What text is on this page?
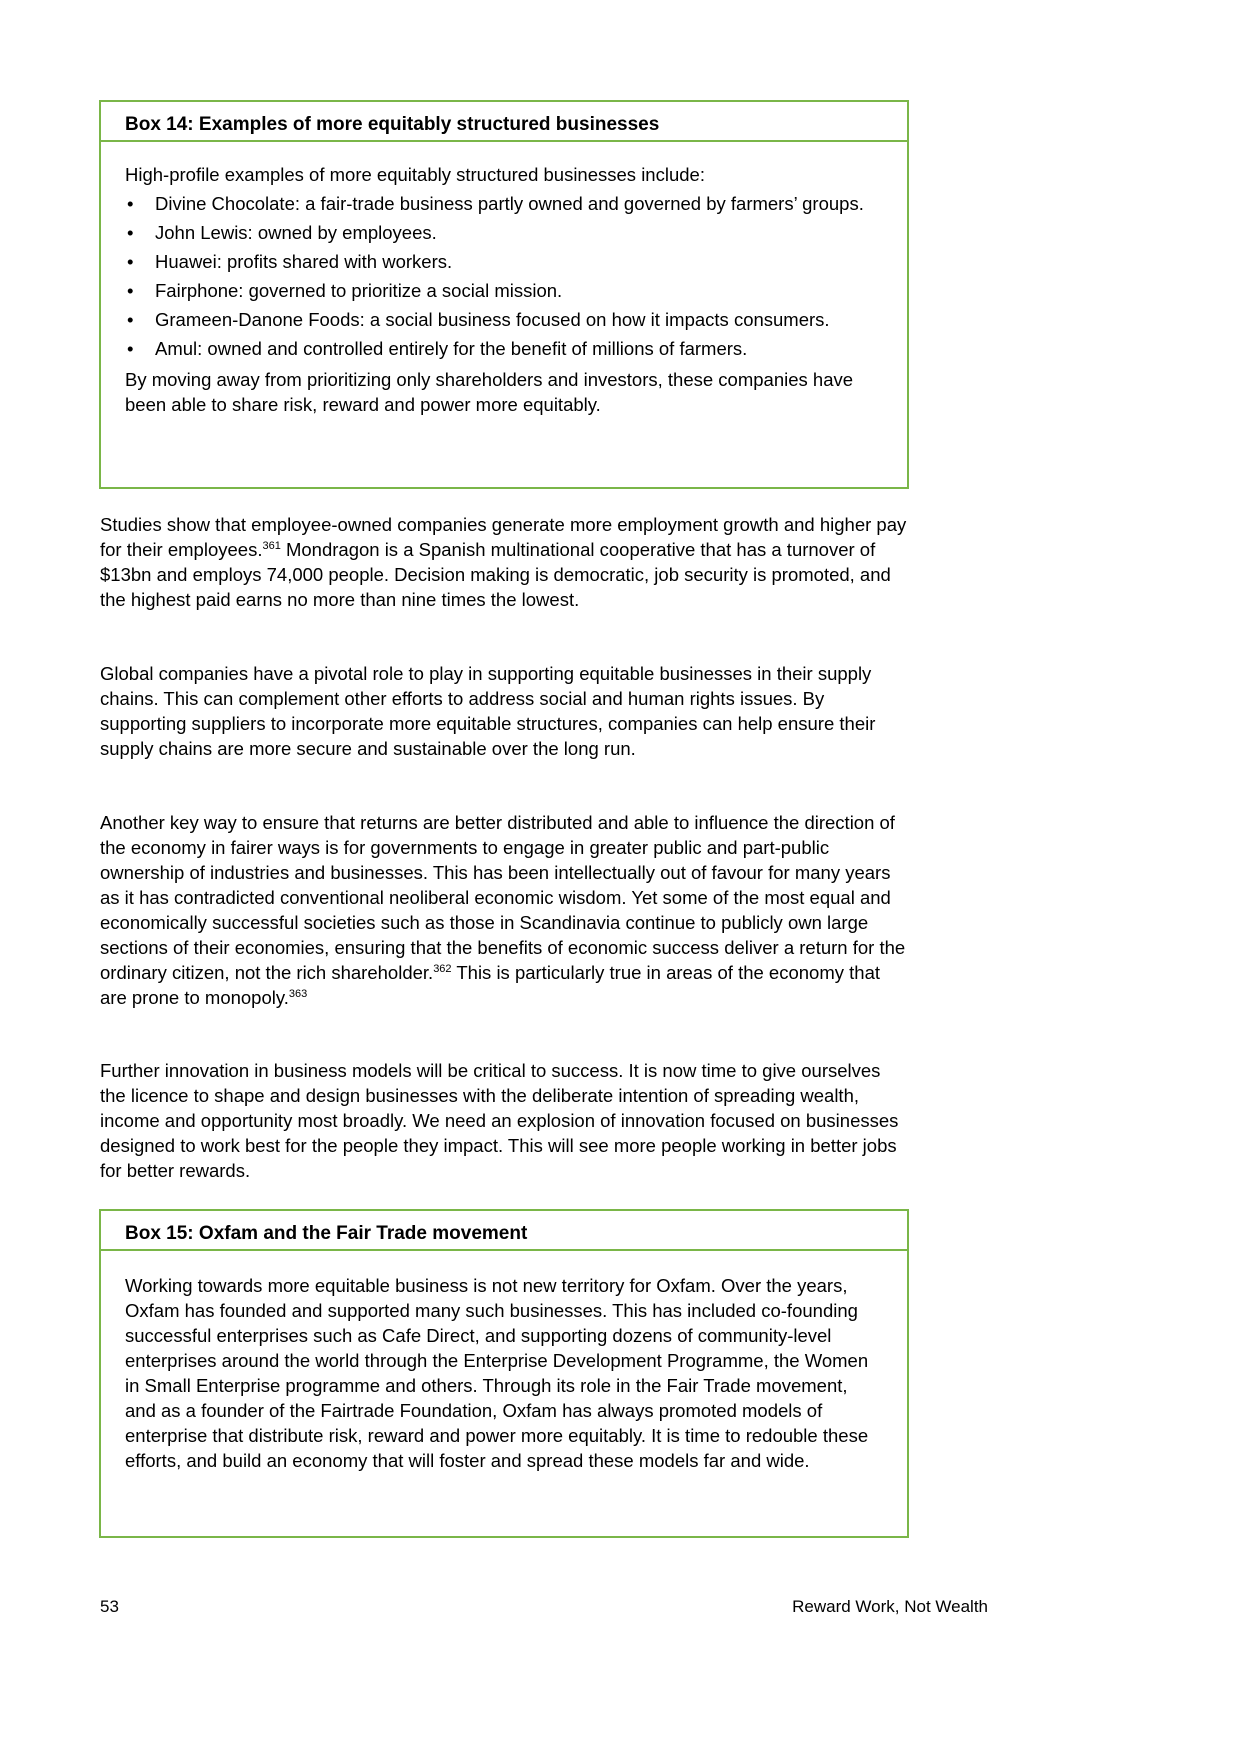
Box 14: Examples of more equitably structured businesses

High-profile examples of more equitably structured businesses include:

• Divine Chocolate: a fair-trade business partly owned and governed by farmers’ groups.
• John Lewis: owned by employees.
• Huawei: profits shared with workers.
• Fairphone: governed to prioritize a social mission.
• Grameen-Danone Foods: a social business focused on how it impacts consumers.
• Amul: owned and controlled entirely for the benefit of millions of farmers.

By moving away from prioritizing only shareholders and investors, these companies have been able to share risk, reward and power more equitably.

Studies show that employee-owned companies generate more employment growth and higher pay for their employees.$^{361}$ Mondragon is a Spanish multinational cooperative that has a turnover of $13bn and employs 74,000 people. Decision making is democratic, job security is promoted, and the highest paid earns no more than nine times the lowest.

Global companies have a pivotal role to play in supporting equitable businesses in their supply chains. This can complement other efforts to address social and human rights issues. By supporting suppliers to incorporate more equitable structures, companies can help ensure their supply chains are more secure and sustainable over the long run.

Another key way to ensure that returns are better distributed and able to influence the direction of the economy in fairer ways is for governments to engage in greater public and part-public ownership of industries and businesses. This has been intellectually out of favour for many years as it has contradicted conventional neoliberal economic wisdom. Yet some of the most equal and economically successful societies such as those in Scandinavia continue to publicly own large sections of their economies, ensuring that the benefits of economic success deliver a return for the ordinary citizen, not the rich shareholder.$^{362}$ This is particularly true in areas of the economy that are prone to monopoly.$^{363}$

Further innovation in business models will be critical to success. It is now time to give ourselves the licence to shape and design businesses with the deliberate intention of spreading wealth, income and opportunity most broadly. We need an explosion of innovation focused on businesses designed to work best for the people they impact. This will see more people working in better jobs for better rewards.

Box 15: Oxfam and the Fair Trade movement

Working towards more equitable business is not new territory for Oxfam. Over the years, Oxfam has founded and supported many such businesses. This has included co-founding successful enterprises such as Cafe Direct, and supporting dozens of community-level enterprises around the world through the Enterprise Development Programme, the Women in Small Enterprise programme and others. Through its role in the Fair Trade movement, and as a founder of the Fairtrade Foundation, Oxfam has always promoted models of enterprise that distribute risk, reward and power more equitably. It is time to redouble these efforts, and build an economy that will foster and spread these models far and wide.

53	Reward Work, Not Wealth
